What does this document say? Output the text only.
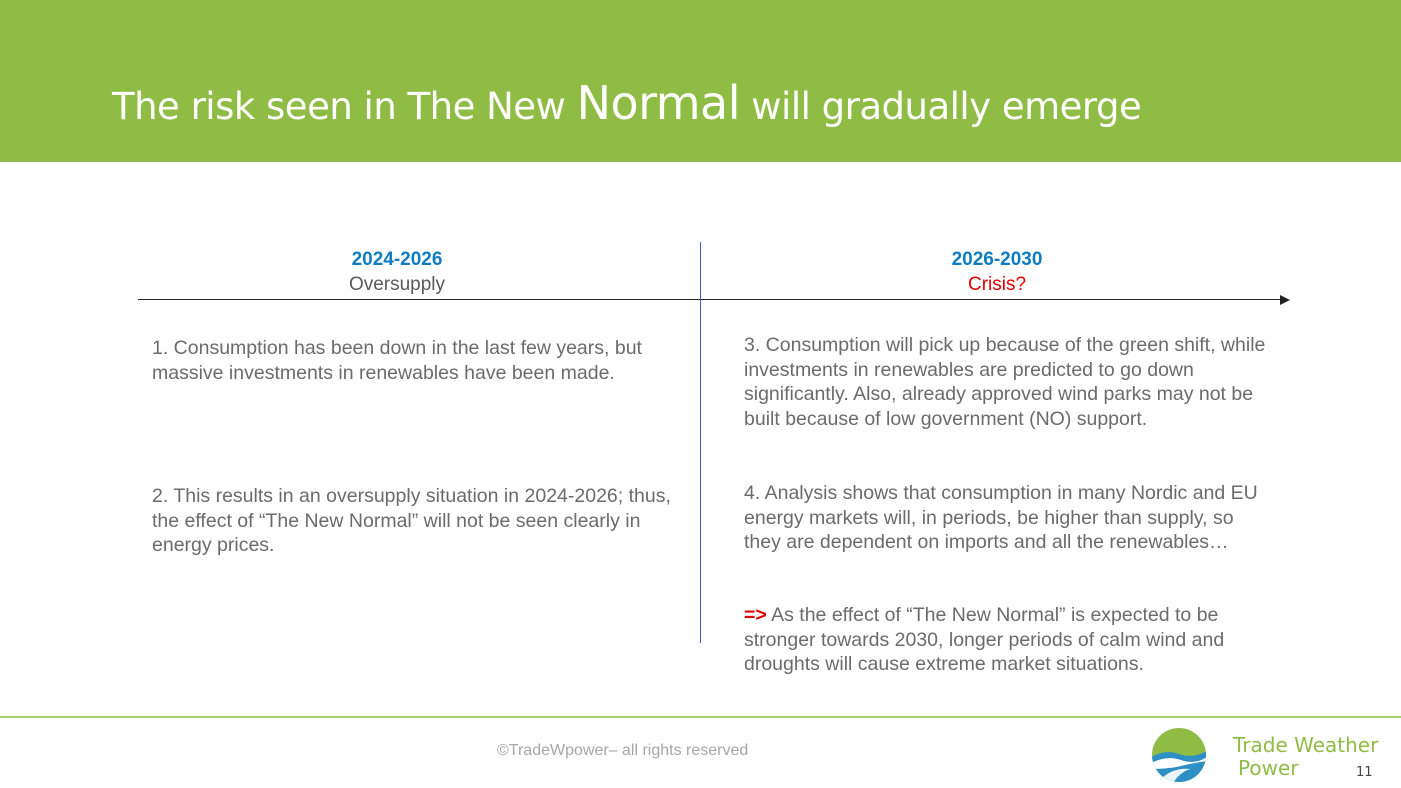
The risk seen in The New Normal will gradually emerge
2024-2026
Oversupply
2026-2030
Crisis?
1. Consumption has been down in the last few years, but massive investments in renewables have been made.
2. This results in an oversupply situation in 2024-2026; thus, the effect of “The New Normal” will not be seen clearly in energy prices.
3. Consumption will pick up because of the green shift, while investments in renewables are predicted to go down significantly. Also, already approved wind parks may not be built because of low government (NO) support.
4. Analysis shows that consumption in many Nordic and EU energy markets will, in periods, be higher than supply, so they are dependent on imports and all the renewables…
=> As the effect of “The New Normal” is expected to be stronger towards 2030, longer periods of calm wind and droughts will cause extreme market situations.
©TradeWpower– all rights reserved	Trade Weather
Power	11
